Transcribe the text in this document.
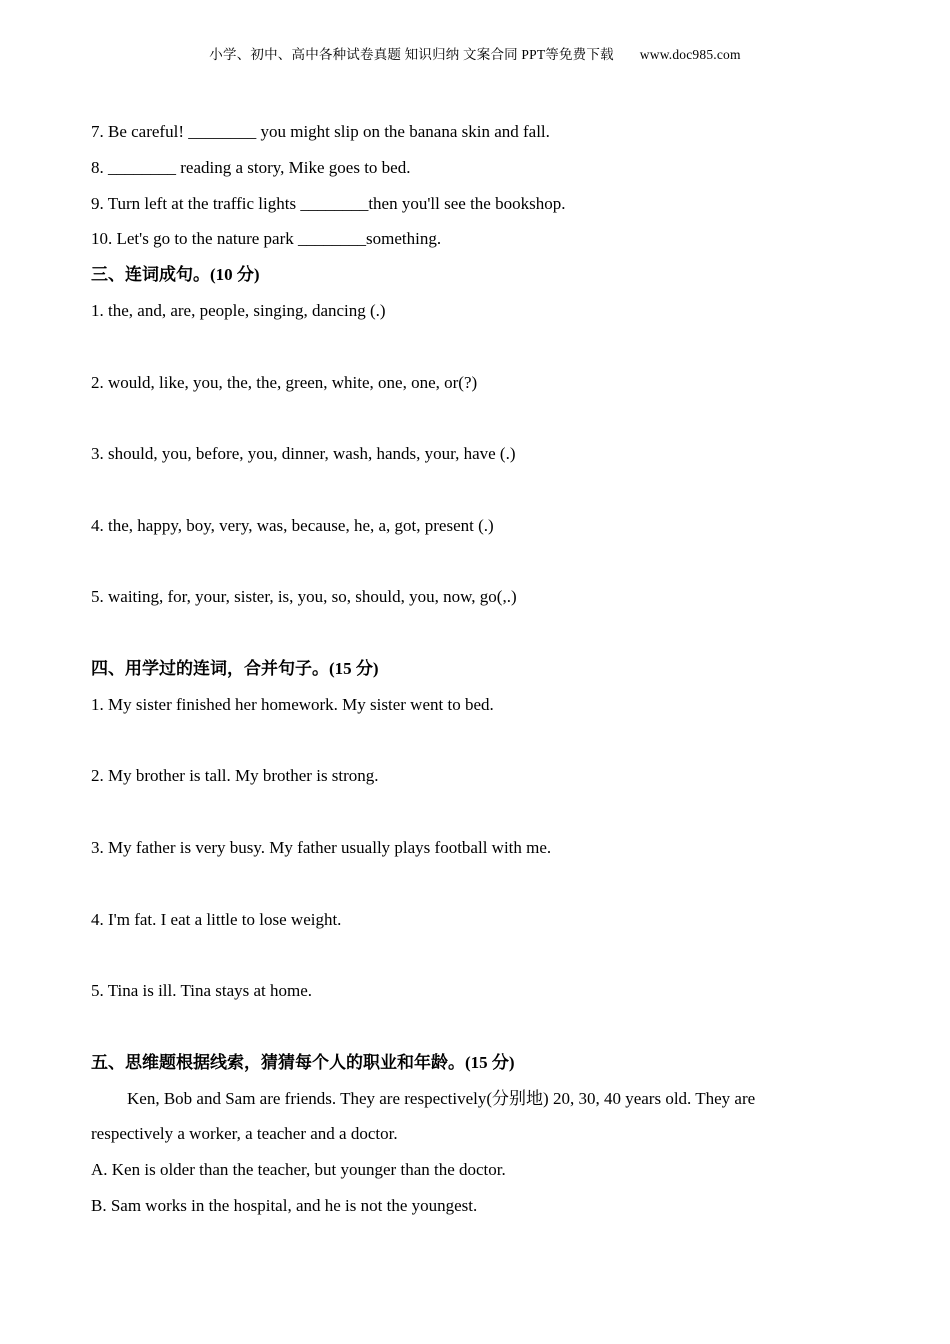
小学、初中、高中各种试卷真题 知识归纳 文案合同 PPT等免费下载 www.doc985.com
7. Be careful! ________ you might slip on the banana skin and fall.
8. ________ reading a story, Mike goes to bed.
9. Turn left at the traffic lights ________then you'll see the bookshop.
10. Let's go to the nature park ________something.
三、连词成句。(10 分)
1. the, and, are, people, singing, dancing (.)
2. would, like, you, the, the, green, white, one, one, or(?)
3. should, you, before, you, dinner, wash, hands, your, have (.)
4. the, happy, boy, very, was, because, he, a, got, present (.)
5. waiting, for, your, sister, is, you, so, should, you, now, go(,.)
四、用学过的连词，合并句子。(15 分)
1. My sister finished her homework. My sister went to bed.
2. My brother is tall. My brother is strong.
3. My father is very busy. My father usually plays football with me.
4. I'm fat. I eat a little to lose weight.
5. Tina is ill. Tina stays at home.
五、思维题根据线索，猜猜每个人的职业和年龄。(15 分)
Ken, Bob and Sam are friends. They are respectively(分别地) 20, 30, 40 years old. They are
respectively a worker, a teacher and a doctor.
A. Ken is older than the teacher, but younger than the doctor.
B. Sam works in the hospital, and he is not the youngest.
